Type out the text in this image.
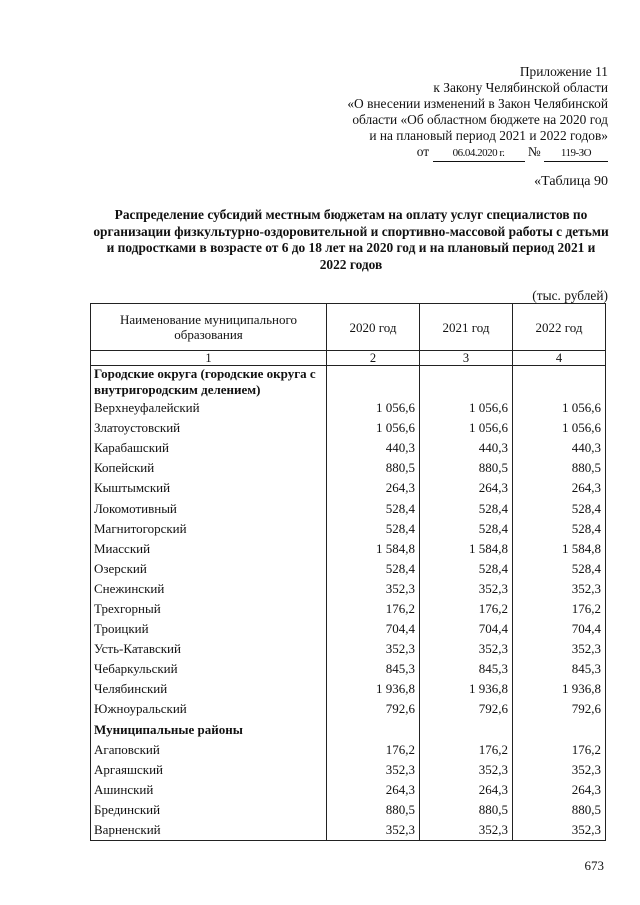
Приложение 11
к Закону Челябинской области
«О внесении изменений в Закон Челябинской
области «Об областном бюджете на 2020 год
и на плановый период 2021 и 2022 годов»
от 06.04.2020 г. № 119-ЗО
«Таблица 90
Распределение субсидий местным бюджетам на оплату услуг специалистов по организации физкультурно-оздоровительной и спортивно-массовой работы с детьми и подростками в возрасте от 6 до 18 лет на 2020 год и на плановый период 2021 и 2022 годов
(тыс. рублей)
Наименование муниципального образования	2020 год	2021 год	2022 год
1	2	3	4
Городские округа (городские округа с внутригородским делением)			
Верхнеуфалейский	1 056,6	1 056,6	1 056,6
Златоустовский	1 056,6	1 056,6	1 056,6
Карабашский	440,3	440,3	440,3
Копейский	880,5	880,5	880,5
Кыштымский	264,3	264,3	264,3
Локомотивный	528,4	528,4	528,4
Магнитогорский	528,4	528,4	528,4
Миасский	1 584,8	1 584,8	1 584,8
Озерский	528,4	528,4	528,4
Снежинский	352,3	352,3	352,3
Трехгорный	176,2	176,2	176,2
Троицкий	704,4	704,4	704,4
Усть-Катавский	352,3	352,3	352,3
Чебаркульский	845,3	845,3	845,3
Челябинский	1 936,8	1 936,8	1 936,8
Южноуральский	792,6	792,6	792,6
Муниципальные районы			
Агаповский	176,2	176,2	176,2
Аргаяшский	352,3	352,3	352,3
Ашинский	264,3	264,3	264,3
Брединский	880,5	880,5	880,5
Варненский	352,3	352,3	352,3
673
